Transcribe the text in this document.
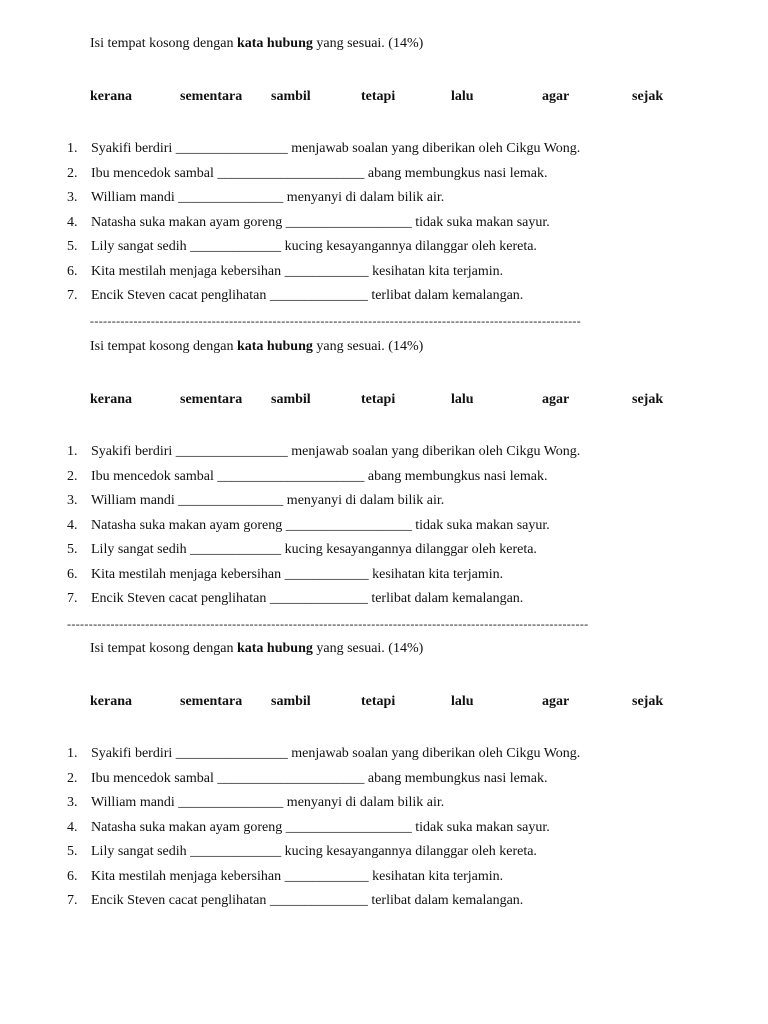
Isi tempat kosong dengan kata hubung yang sesuai. (14%)
kerana	sementara sambil	tetapi	lalu	agar	sejak
1. Syakifi berdiri ________________ menjawab soalan yang diberikan oleh Cikgu Wong.
2. Ibu mencedok sambal _____________________ abang membungkus nasi lemak.
3. William mandi _______________ menyanyi di dalam bilik air.
4. Natasha suka makan ayam goreng __________________ tidak suka makan sayur.
5. Lily sangat sedih _____________ kucing kesayangannya dilanggar oleh kereta.
6. Kita mestilah menjaga kebersihan ____________ kesihatan kita terjamin.
7. Encik Steven cacat penglihatan ______________ terlibat dalam kemalangan.
-----------------------------------------------------------------------------------------------------------------
Isi tempat kosong dengan kata hubung yang sesuai. (14%)
kerana	sementara sambil	tetapi	lalu	agar	sejak
1. Syakifi berdiri ________________ menjawab soalan yang diberikan oleh Cikgu Wong.
2. Ibu mencedok sambal _____________________ abang membungkus nasi lemak.
3. William mandi _______________ menyanyi di dalam bilik air.
4. Natasha suka makan ayam goreng __________________ tidak suka makan sayur.
5. Lily sangat sedih _____________ kucing kesayangannya dilanggar oleh kereta.
6. Kita mestilah menjaga kebersihan ____________ kesihatan kita terjamin.
7. Encik Steven cacat penglihatan ______________ terlibat dalam kemalangan.
------------------------------------------------------------------------------------------------------------------------
Isi tempat kosong dengan kata hubung yang sesuai. (14%)
kerana	sementara sambil	tetapi	lalu	agar	sejak
1. Syakifi berdiri ________________ menjawab soalan yang diberikan oleh Cikgu Wong.
2. Ibu mencedok sambal _____________________ abang membungkus nasi lemak.
3. William mandi _______________ menyanyi di dalam bilik air.
4. Natasha suka makan ayam goreng __________________ tidak suka makan sayur.
5. Lily sangat sedih _____________ kucing kesayangannya dilanggar oleh kereta.
6. Kita mestilah menjaga kebersihan ____________ kesihatan kita terjamin.
7. Encik Steven cacat penglihatan ______________ terlibat dalam kemalangan.
